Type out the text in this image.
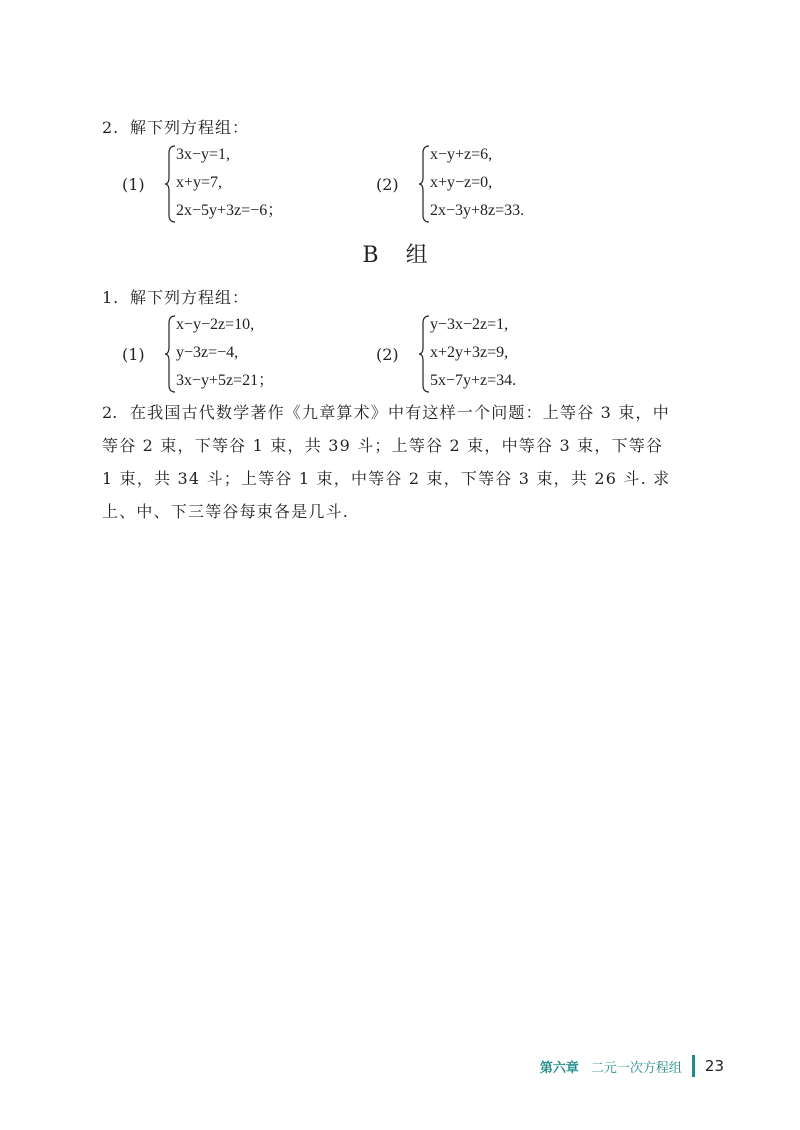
2. 解下列方程组：
(1)
3x−y=1,
x+y=7,
2x−5y+3z=−6；
(2)
x−y+z=6,
x+y−z=0,
2x−3y+8z=33.
B 组
1. 解下列方程组：
(1)
x−y−2z=10,
y−3z=−4,
3x−y+5z=21；
(2)
y−3x−2z=1,
x+2y+3z=9,
5x−7y+z=34.
2. 在我国古代数学著作《九章算术》中有这样一个问题：上等谷 3 束，中
等谷 2 束，下等谷 1 束，共 39 斗；上等谷 2 束，中等谷 3 束，下等谷
1 束，共 34 斗；上等谷 1 束，中等谷 2 束，下等谷 3 束，共 26 斗. 求
上、中、下三等谷每束各是几斗.
第六章 二元一次方程组 23
